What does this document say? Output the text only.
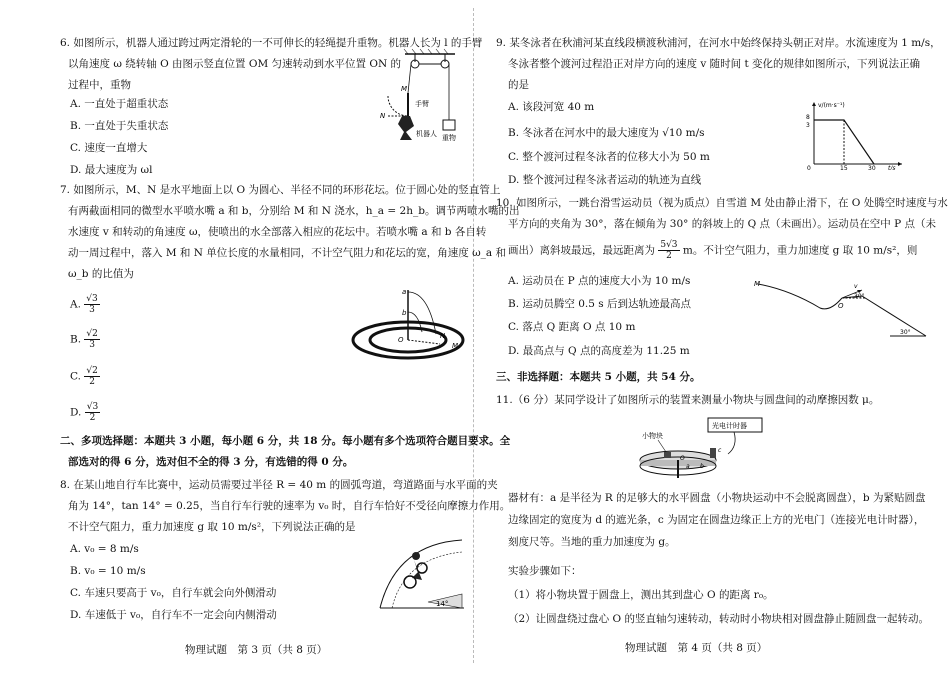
6. 如图所示，机器人通过跨过两定滑轮的一不可伸长的轻绳提升重物。机器人长为 l 的手臂
以角速度 ω 绕转轴 O 由图示竖直位置 OM 匀速转动到水平位置 ON 的
过程中，重物
A. 一直处于超重状态
B. 一直处于失重状态
C. 速度一直增大
D. 最大速度为 ωl
重物
M
N
手臂
机器人
7. 如图所示，M、N 是水平地面上以 O 为圆心、半径不同的环形花坛。位于圆心处的竖直管上
有两截面相同的微型水平喷水嘴 a 和 b，分别给 M 和 N 浇水，h_a = 2h_b。调节两喷水嘴的出
水速度 v 和转动的角速度 ω，使喷出的水全部落入相应的花坛中。若喷水嘴 a 和 b 各自转
动一周过程中，落入 M 和 N 单位长度的水量相同，不计空气阻力和花坛的宽，角速度 ω_a 和
ω_b 的比值为
A. $\frac{√3}{3}$
B. $\frac{√2}{3}$
C. $\frac{√2}{2}$
D. $\frac{√3}{2}$
a
b
O	N
M
二、多项选择题：本题共 3 小题，每小题 6 分，共 18 分。每小题有多个选项符合题目要求。全
部选对的得 6 分，选对但不全的得 3 分，有选错的得 0 分。
8. 在某山地自行车比赛中，运动员需要过半径 R = 40 m 的圆弧弯道，弯道路面与水平面的夹
角为 14°，tan 14° = 0.25，当自行车行驶的速率为 v₀ 时，自行车恰好不受径向摩擦力作用。
不计空气阻力，重力加速度 g 取 10 m/s²，下列说法正确的是
A. v₀ = 8 m/s
B. v₀ = 10 m/s
C. 车速只要高于 v₀，自行车就会向外侧滑动
D. 车速低于 v₀，自行车不一定会向内侧滑动
14°
物理试题　第 3 页（共 8 页）
9. 某冬泳者在秋浦河某直线段横渡秋浦河，在河水中始终保持头朝正对岸。水流速度为 1 m/s，
冬泳者整个渡河过程沿正对岸方向的速度 v 随时间 t 变化的规律如图所示，下列说法正确
的是
A. 该段河宽 40 m
B. 冬泳者在河水中的最大速度为 √10 m/s
C. 整个渡河过程冬泳者的位移大小为 50 m
D. 整个渡河过程冬泳者运动的轨迹为直线
v/(m·s⁻¹)
8
3
0	15	30 t/s
10. 如图所示，一跳台滑雪运动员（视为质点）自雪道 M 处由静止滑下，在 O 处腾空时速度与水
平方向的夹角为 30°，落在倾角为 30° 的斜坡上的 Q 点（未画出）。运动员在空中 P 点（未
画出）离斜坡最远，最远距离为 $\frac{5√3}{2}$ m。不计空气阻力，重力加速度 g 取 10 m/s²，则
A. 运动员在 P 点的速度大小为 10 m/s
B. 运动员腾空 0.5 s 后到达轨迹最高点
C. 落点 Q 距离 O 点 10 m
D. 最高点与 Q 点的高度差为 11.25 m
M
O
v
30°
30°
三、非选择题：本题共 5 小题，共 54 分。
11.（6 分）某同学设计了如图所示的装置来测量小物块与圆盘间的动摩擦因数 μ。
光电计时器
小物块
O
a b
c
器材有：a 是半径为 R 的足够大的水平圆盘（小物块运动中不会脱离圆盘），b 为紧贴圆盘
边缘固定的宽度为 d 的遮光条，c 为固定在圆盘边缘正上方的光电门（连接光电计时器），
刻度尺等。当地的重力加速度为 g。
实验步骤如下：
（1）将小物块置于圆盘上，测出其到盘心 O 的距离 r₀。
（2）让圆盘绕过盘心 O 的竖直轴匀速转动，转动时小物块相对圆盘静止随圆盘一起转动。
物理试题　第 4 页（共 8 页）
